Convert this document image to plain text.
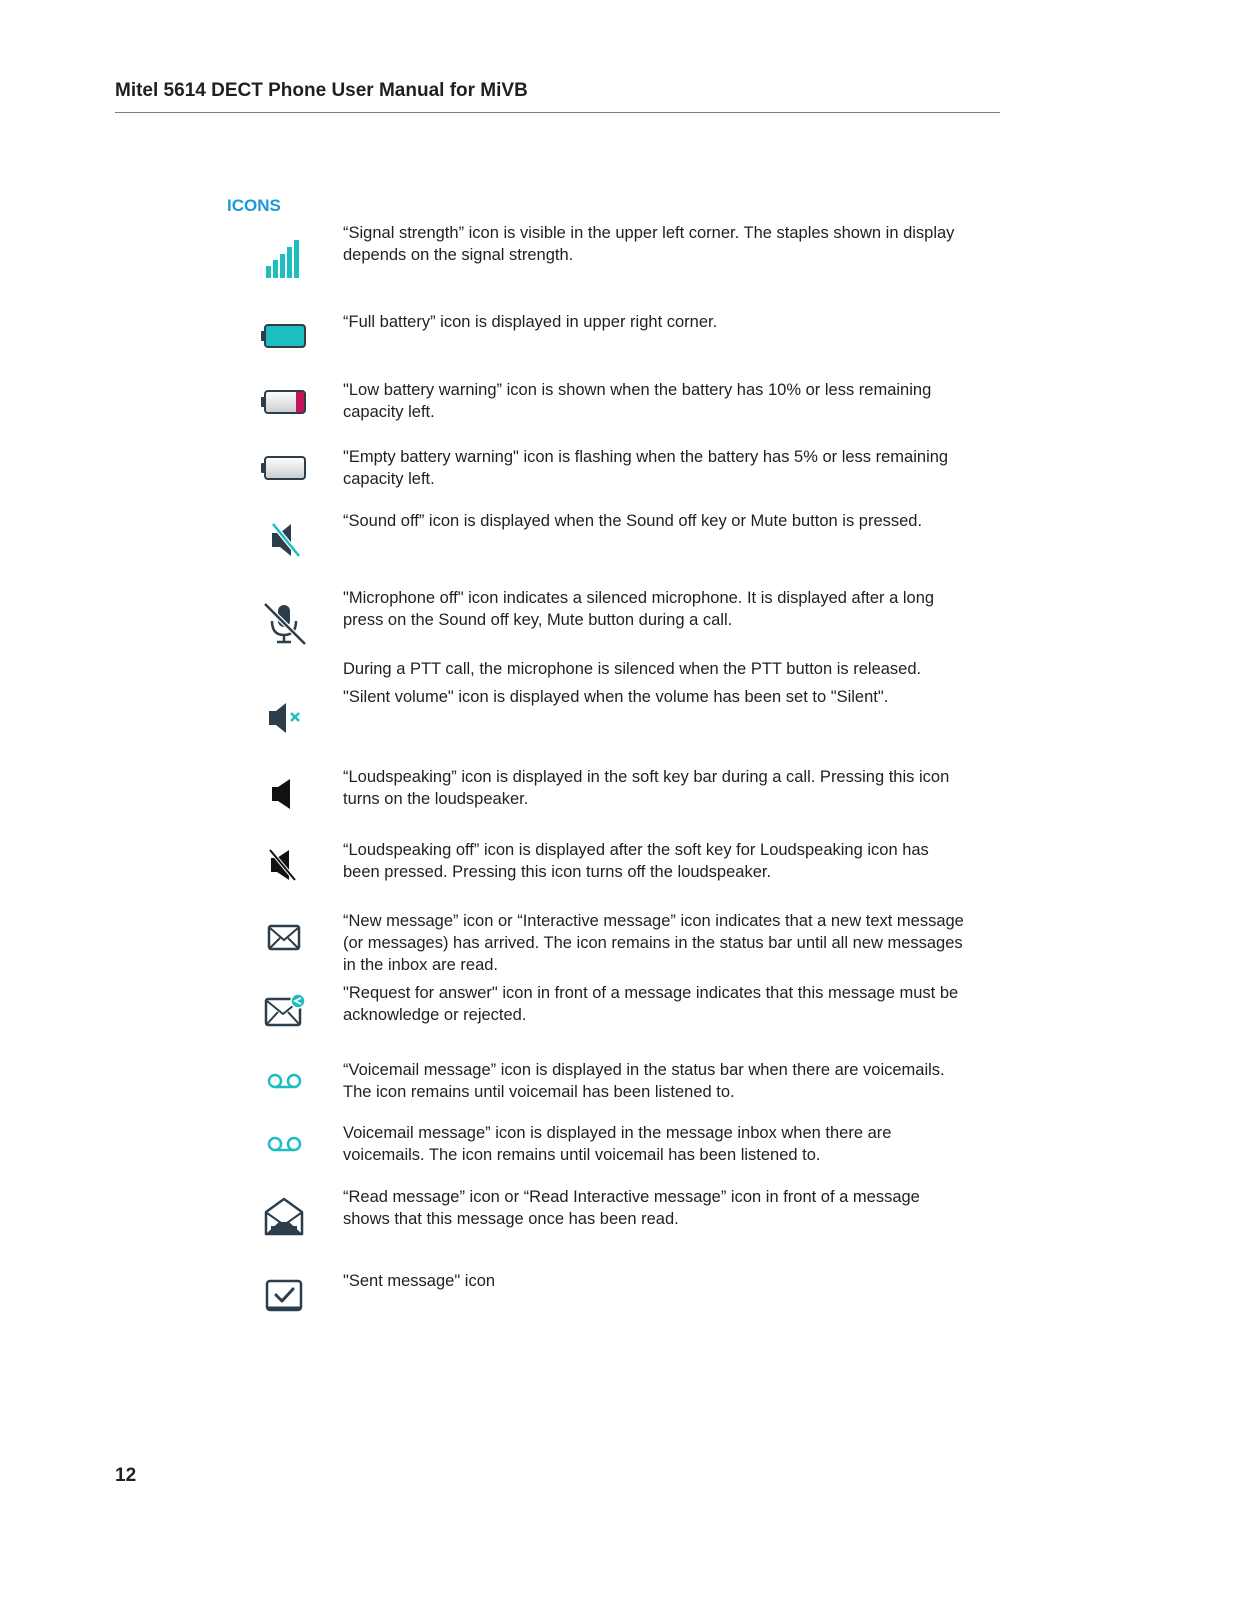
Mitel 5614 DECT Phone User Manual for MiVB
ICONS
“Signal strength” icon is visible in the upper left corner. The staples shown in display depends on the signal strength.
“Full battery” icon is displayed in upper right corner.
"Low battery warning” icon is shown when the battery has 10% or less remaining capacity left.
"Empty battery warning" icon is flashing when the battery has 5% or less remaining capacity left.
“Sound off” icon is displayed when the Sound off key or Mute button is pressed.
"Microphone off" icon indicates a silenced microphone. It is displayed after a long press on the Sound off key, Mute button during a call.
During a PTT call, the microphone is silenced when the PTT button is released.
"Silent volume" icon is displayed when the volume has been set to "Silent".
“Loudspeaking” icon is displayed in the soft key bar during a call. Pressing this icon turns on the loudspeaker.
“Loudspeaking off” icon is displayed after the soft key for Loudspeaking icon has been pressed. Pressing this icon turns off the loudspeaker.
“New message” icon or “Interactive message” icon indicates that a new text message (or messages) has arrived. The icon remains in the status bar until all new messages in the inbox are read.
"Request for answer" icon in front of a message indicates that this message must be acknowledge or rejected.
“Voicemail message” icon is displayed in the status bar when there are voicemails. The icon remains until voicemail has been listened to.
Voicemail message” icon is displayed in the message inbox when there are voicemails. The icon remains until voicemail has been listened to.
“Read message” icon or “Read Interactive message” icon in front of a message shows that this message once has been read.
"Sent message" icon
12
